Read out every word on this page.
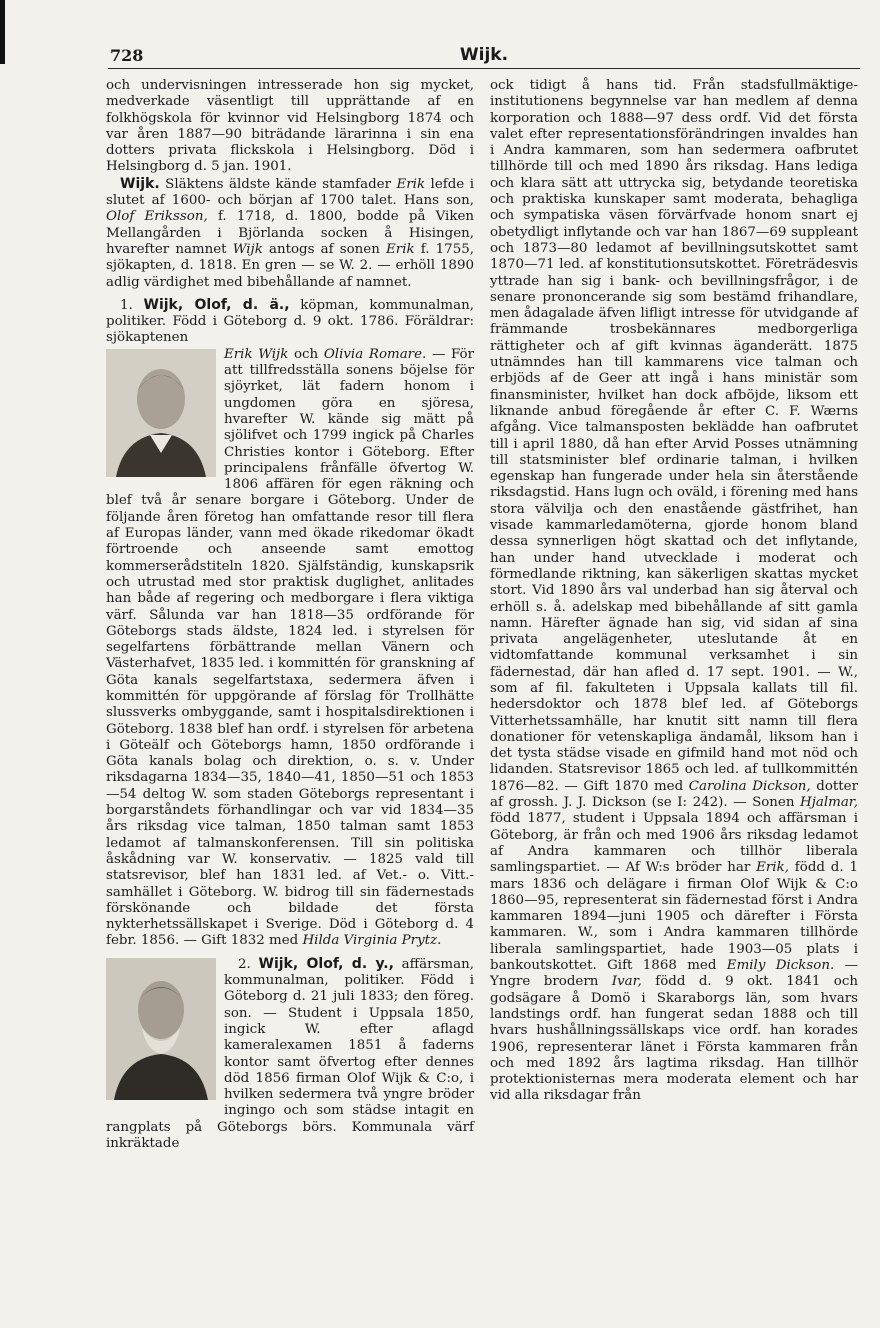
728	Wijk.

och undervisningen intresserade hon sig mycket, medverkade väsentligt till upprättande af en folkhögskola för kvinnor vid Helsingborg 1874 och var åren 1887—90 biträdande lärarinna i sin ena dotters privata flickskola i Helsingborg. Död i Helsingborg d. 5 jan. 1901.

Wijk. Släktens äldste kände stamfader Erik lefde i slutet af 1600- och början af 1700 talet. Hans son, Olof Eriksson, f. 1718, d. 1800, bodde på Viken Mellangården i Björlanda socken å Hisingen, hvarefter namnet Wijk antogs af sonen Erik f. 1755, sjökapten, d. 1818. En gren — se W. 2. — erhöll 1890 adlig värdighet med bibehållande af namnet.

1. Wijk, Olof, d. ä., köpman, kommunalman, politiker. Född i Göteborg d. 9 okt. 1786. Föräldrar: sjökaptenen

Erik Wijk och Olivia Romare. — För att tillfredsställa sonens böjelse för sjöyrket, lät fadern honom i ungdomen göra en sjöresa, hvarefter W. kände sig mätt på sjölifvet och 1799 ingick på Charles Christies kontor i Göteborg. Efter principalens frånfälle öfvertog W. 1806 affären för egen räkning och blef två år senare borgare i Göteborg. Under de följande åren företog han omfattande resor till flera af Europas länder, vann med ökade rikedomar ökadt förtroende och anseende samt emottog kommerserådstiteln 1820. Själfständig, kunskapsrik och utrustad med stor praktisk duglighet, anlitades han både af regering och medborgare i flera viktiga värf. Sålunda var han 1818—35 ordförande för Göteborgs stads äldste, 1824 led. i styrelsen för segelfartens förbättrande mellan Vänern och Västerhafvet, 1835 led. i kommittén för granskning af Göta kanals segelfartstaxa, sedermera äfven i kommittén för uppgörande af förslag för Trollhätte slussverks ombyggande, samt i hospitalsdirektionen i Göteborg. 1838 blef han ordf. i styrelsen för arbetena i Göteälf och Göteborgs hamn, 1850 ordförande i Göta kanals bolag och direktion, o. s. v. Under riksdagarna 1834—35, 1840—41, 1850—51 och 1853—54 deltog W. som staden Göteborgs representant i borgarståndets förhandlingar och var vid 1834—35 års riksdag vice talman, 1850 talman samt 1853 ledamot af talmanskonferensen. Till sin politiska åskådning var W. konservativ. — 1825 vald till statsrevisor, blef han 1831 led. af Vet.- o. Vitt.-samhället i Göteborg. W. bidrog till sin fädernestads förskönande och bildade det första nykterhetssällskapet i Sverige. Död i Göteborg d. 4 febr. 1856. — Gift 1832 med Hilda Virginia Prytz.

2. Wijk, Olof, d. y., affärsman, kommunalman, politiker. Född i Göteborg d. 21 juli 1833; den föreg. son. — Student i Uppsala 1850, ingick W. efter aflagd kameralexamen 1851 å faderns kontor samt öfvertog efter dennes död 1856 firman Olof Wijk & C:o, i hvilken sedermera två yngre bröder ingingo och som städse intagit en rangplats på Göteborgs börs. Kommunala värf inkräktade

ock tidigt å hans tid. Från stadsfullmäktige-institutionens begynnelse var han medlem af denna korporation och 1888—97 dess ordf. Vid det första valet efter representationsförändringen invaldes han i Andra kammaren, som han sedermera oafbrutet tillhörde till och med 1890 års riksdag. Hans lediga och klara sätt att uttrycka sig, betydande teoretiska och praktiska kunskaper samt moderata, behagliga och sympatiska väsen förvärfvade honom snart ej obetydligt inflytande och var han 1867—69 suppleant och 1873—80 ledamot af bevillningsutskottet samt 1870—71 led. af konstitutionsutskottet. Företrädesvis yttrade han sig i bank- och bevillningsfrågor, i de senare prononcerande sig som bestämd frihandlare, men ådagalade äfven lifligt intresse för utvidgande af främmande trosbekännares medborgerliga rättigheter och af gift kvinnas äganderätt. 1875 utnämndes han till kammarens vice talman och erbjöds af de Geer att ingå i hans ministär som finansminister, hvilket han dock afböjde, liksom ett liknande anbud föregående år efter C. F. Wærns afgång. Vice talmansposten beklädde han oafbrutet till i april 1880, då han efter Arvid Posses utnämning till statsminister blef ordinarie talman, i hvilken egenskap han fungerade under hela sin återstående riksdagstid. Hans lugn och oväld, i förening med hans stora välvilja och den enastående gästfrihet, han visade kammarledamöterna, gjorde honom bland dessa synnerligen högt skattad och det inflytande, han under hand utvecklade i moderat och förmedlande riktning, kan säkerligen skattas mycket stort. Vid 1890 års val underbad han sig återval och erhöll s. å. adelskap med bibehållande af sitt gamla namn. Härefter ägnade han sig, vid sidan af sina privata angelägenheter, uteslutande åt en vidtomfattande kommunal verksamhet i sin fädernestad, där han afled d. 17 sept. 1901. — W., som af fil. fakulteten i Uppsala kallats till fil. hedersdoktor och 1878 blef led. af Göteborgs Vitterhetssamhälle, har knutit sitt namn till flera donationer för vetenskapliga ändamål, liksom han i det tysta städse visade en gifmild hand mot nöd och lidanden. Statsrevisor 1865 och led. af tullkommittén 1876—82. — Gift 1870 med Carolina Dickson, dotter af grossh. J. J. Dickson (se I: 242). — Sonen Hjalmar, född 1877, student i Uppsala 1894 och affärsman i Göteborg, är från och med 1906 års riksdag ledamot af Andra kammaren och tillhör liberala samlingspartiet. — Af W:s bröder har Erik, född d. 1 mars 1836 och delägare i firman Olof Wijk & C:o 1860—95, representerat sin fädernestad först i Andra kammaren 1894—juni 1905 och därefter i Första kammaren. W., som i Andra kammaren tillhörde liberala samlingspartiet, hade 1903—05 plats i bankoutskottet. Gift 1868 med Emily Dickson. — Yngre brodern Ivar, född d. 9 okt. 1841 och godsägare å Domö i Skaraborgs län, som hvars landstings ordf. han fungerat sedan 1888 och till hvars hushållningssällskaps vice ordf. han korades 1906, representerar länet i Första kammaren från och med 1892 års lagtima riksdag. Han tillhör protektionisternas mera moderata element och har vid alla riksdagar från
